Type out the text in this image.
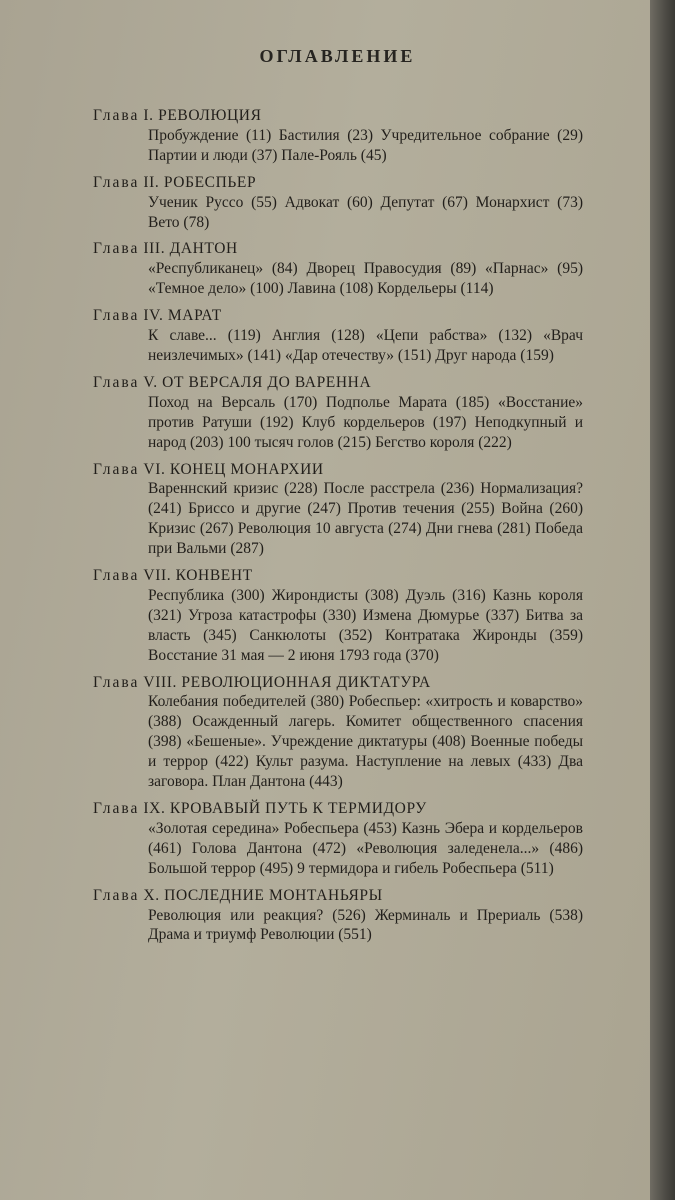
ОГЛАВЛЕНИЕ
Глава I. РЕВОЛЮЦИЯ
Пробуждение (11) Бастилия (23) Учредительное собрание (29) Партии и люди (37) Пале-Рояль (45)
Глава II. РОБЕСПЬЕР
Ученик Руссо (55) Адвокат (60) Депутат (67) Монархист (73) Вето (78)
Глава III. ДАНТОН
«Республиканец» (84) Дворец Правосудия (89) «Парнас» (95) «Темное дело» (100) Лавина (108) Кордельеры (114)
Глава IV. МАРАТ
К славе... (119) Англия (128) «Цепи рабства» (132) «Врач неизлечимых» (141) «Дар отечеству» (151) Друг народа (159)
Глава V. ОТ ВЕРСАЛЯ ДО ВАРЕННА
Поход на Версаль (170) Подполье Марата (185) «Восстание» против Ратуши (192) Клуб кордельеров (197) Неподкупный и народ (203) 100 тысяч голов (215) Бегство короля (222)
Глава VI. КОНЕЦ МОНАРХИИ
Вареннский кризис (228) После расстрела (236) Нормализация? (241) Бриссо и другие (247) Против течения (255) Война (260) Кризис (267) Революция 10 августа (274) Дни гнева (281) Победа при Вальми (287)
Глава VII. КОНВЕНТ
Республика (300) Жирондисты (308) Дуэль (316) Казнь короля (321) Угроза катастрофы (330) Измена Дюмурье (337) Битва за власть (345) Санкюлоты (352) Контратака Жиронды (359) Восстание 31 мая — 2 июня 1793 года (370)
Глава VIII. РЕВОЛЮЦИОННАЯ ДИКТАТУРА
Колебания победителей (380) Робеспьер: «хитрость и коварство» (388) Осажденный лагерь. Комитет общественного спасения (398) «Бешеные». Учреждение диктатуры (408) Военные победы и террор (422) Культ разума. Наступление на левых (433) Два заговора. План Дантона (443)
Глава IX. КРОВАВЫЙ ПУТЬ К ТЕРМИДОРУ
«Золотая середина» Робеспьера (453) Казнь Эбера и кордельеров (461) Голова Дантона (472) «Революция заледенела...» (486) Большой террор (495) 9 термидора и гибель Робеспьера (511)
Глава X. ПОСЛЕДНИЕ МОНТАНЬЯРЫ
Революция или реакция? (526) Жерминаль и Прериаль (538) Драма и триумф Революции (551)
